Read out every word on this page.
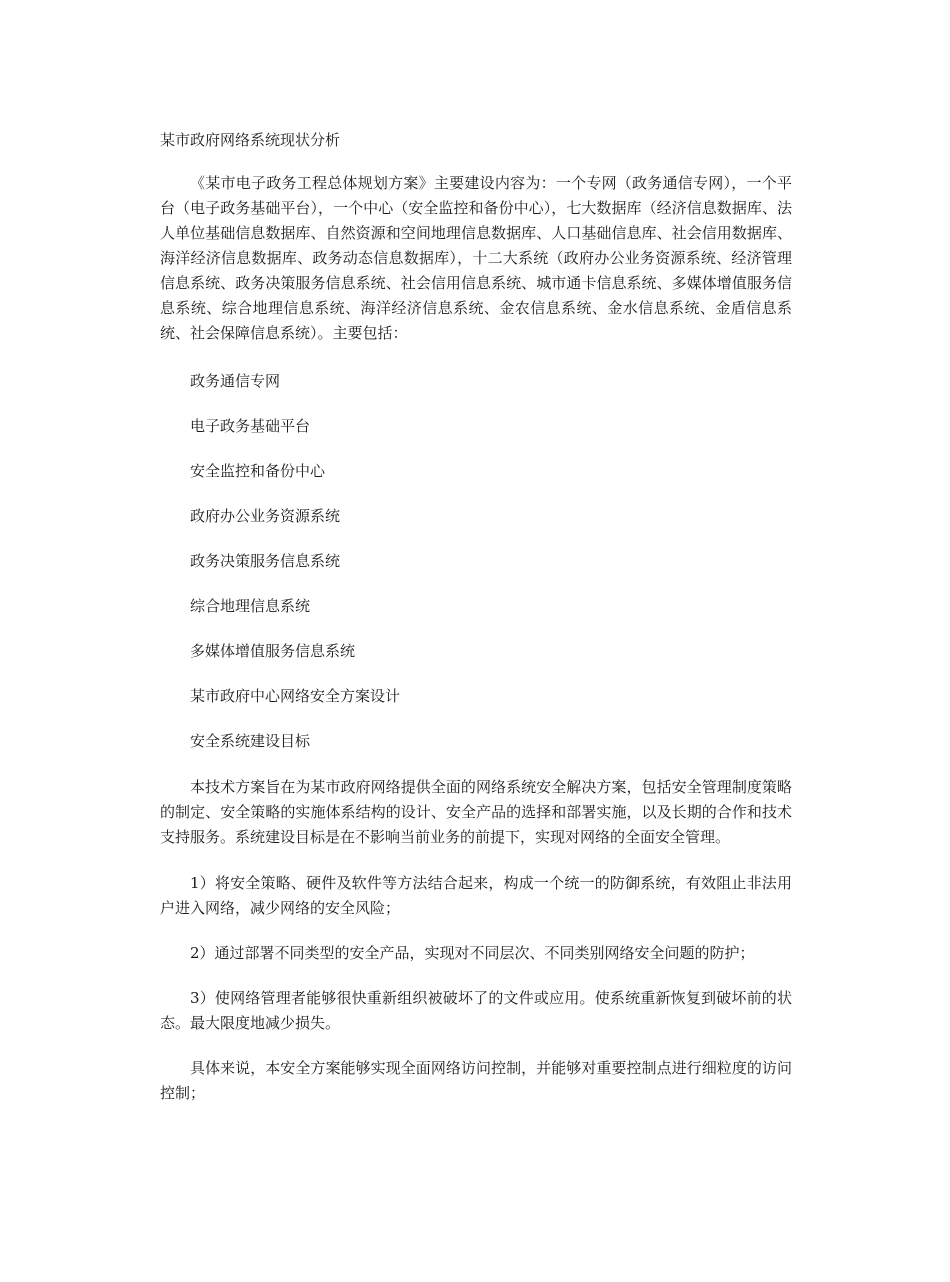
某市政府网络系统现状分析

《某市电子政务工程总体规划方案》主要建设内容为：一个专网（政务通信专网），一个平台（电子政务基础平台），一个中心（安全监控和备份中心），七大数据库（经济信息数据库、法人单位基础信息数据库、自然资源和空间地理信息数据库、人口基础信息库、社会信用数据库、海洋经济信息数据库、政务动态信息数据库），十二大系统（政府办公业务资源系统、经济管理信息系统、政务决策服务信息系统、社会信用信息系统、城市通卡信息系统、多媒体增值服务信息系统、综合地理信息系统、海洋经济信息系统、金农信息系统、金水信息系统、金盾信息系统、社会保障信息系统）。主要包括：

政务通信专网

电子政务基础平台

安全监控和备份中心

政府办公业务资源系统

政务决策服务信息系统

综合地理信息系统

多媒体增值服务信息系统

某市政府中心网络安全方案设计

安全系统建设目标

本技术方案旨在为某市政府网络提供全面的网络系统安全解决方案，包括安全管理制度策略的制定、安全策略的实施体系结构的设计、安全产品的选择和部署实施，以及长期的合作和技术支持服务。系统建设目标是在不影响当前业务的前提下，实现对网络的全面安全管理。

1）将安全策略、硬件及软件等方法结合起来，构成一个统一的防御系统，有效阻止非法用户进入网络，减少网络的安全风险；

2）通过部署不同类型的安全产品，实现对不同层次、不同类别网络安全问题的防护；

3）使网络管理者能够很快重新组织被破坏了的文件或应用。使系统重新恢复到破坏前的状态。最大限度地减少损失。

具体来说，本安全方案能够实现全面网络访问控制，并能够对重要控制点进行细粒度的访问控制；
